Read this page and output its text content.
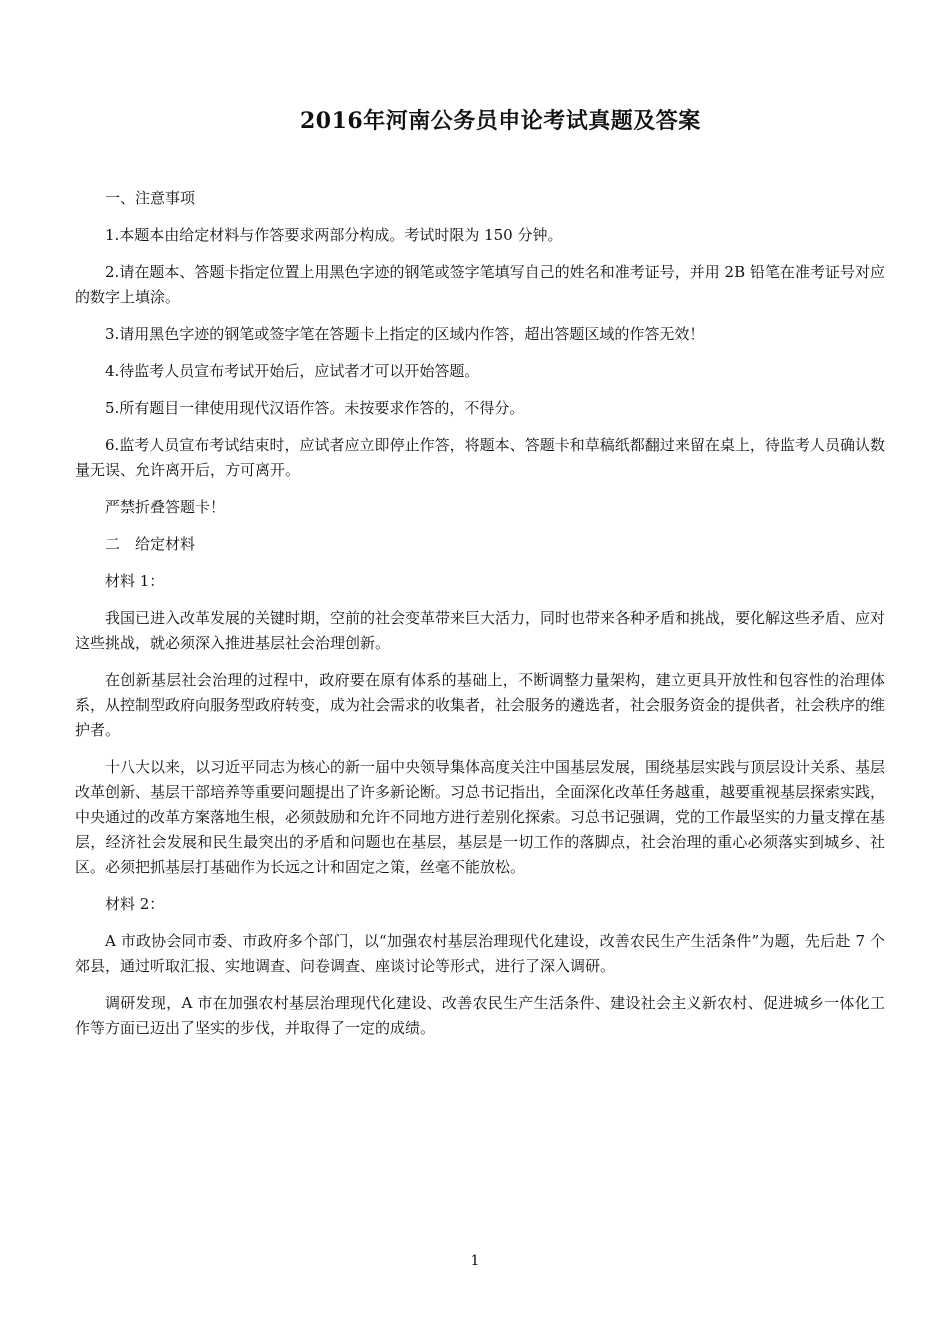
2016年河南公务员申论考试真题及答案

一、注意事项

1.本题本由给定材料与作答要求两部分构成。考试时限为 150 分钟。

2.请在题本、答题卡指定位置上用黑色字迹的钢笔或签字笔填写自己的姓名和准考证号，并用 2B 铅笔在准考证号对应的数字上填涂。

3.请用黑色字迹的钢笔或签字笔在答题卡上指定的区域内作答，超出答题区域的作答无效！

4.待监考人员宣布考试开始后，应试者才可以开始答题。

5.所有题目一律使用现代汉语作答。未按要求作答的，不得分。

6.监考人员宣布考试结束时，应试者应立即停止作答，将题本、答题卡和草稿纸都翻过来留在桌上，待监考人员确认数量无误、允许离开后，方可离开。

严禁折叠答题卡！

二　给定材料

材料 1：

我国已进入改革发展的关键时期，空前的社会变革带来巨大活力，同时也带来各种矛盾和挑战，要化解这些矛盾、应对这些挑战，就必须深入推进基层社会治理创新。

在创新基层社会治理的过程中，政府要在原有体系的基础上，不断调整力量架构，建立更具开放性和包容性的治理体系，从控制型政府向服务型政府转变，成为社会需求的收集者，社会服务的遴选者，社会服务资金的提供者，社会秩序的维护者。

十八大以来，以习近平同志为核心的新一届中央领导集体高度关注中国基层发展，围绕基层实践与顶层设计关系、基层改革创新、基层干部培养等重要问题提出了许多新论断。习总书记指出，全面深化改革任务越重，越要重视基层探索实践，中央通过的改革方案落地生根，必须鼓励和允许不同地方进行差别化探索。习总书记强调，党的工作最坚实的力量支撑在基层，经济社会发展和民生最突出的矛盾和问题也在基层，基层是一切工作的落脚点，社会治理的重心必须落实到城乡、社区。必须把抓基层打基础作为长远之计和固定之策，丝毫不能放松。

材料 2：

A 市政协会同市委、市政府多个部门，以“加强农村基层治理现代化建设，改善农民生产生活条件”为题，先后赴 7 个郊县，通过听取汇报、实地调查、问卷调查、座谈讨论等形式，进行了深入调研。

调研发现，A 市在加强农村基层治理现代化建设、改善农民生产生活条件、建设社会主义新农村、促进城乡一体化工作等方面已迈出了坚实的步伐，并取得了一定的成绩。

1
